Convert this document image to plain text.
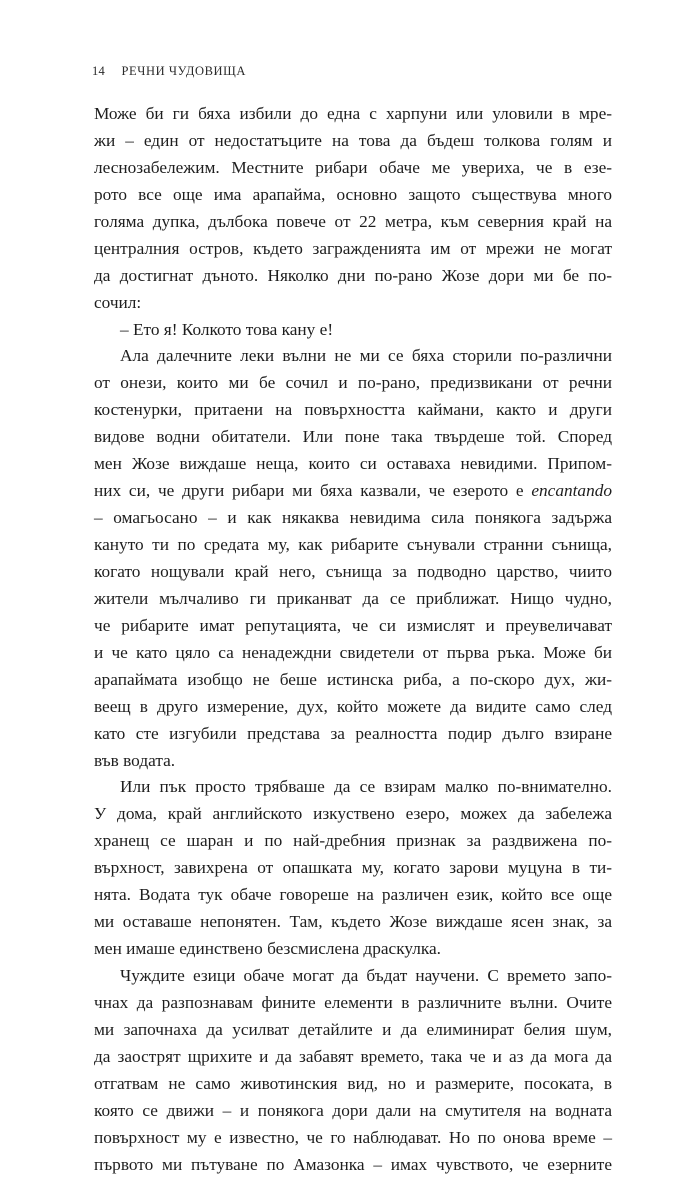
14 РЕЧНИ ЧУДОВИЩА
Може би ги бяха избили до една с харпуни или уловили в мре-
жи – един от недостатъците на това да бъдеш толкова голям и
леснозабележим. Местните рибари обаче ме увериха, че в езе-
рото все още има арапайма, основно защото съществува много
голяма дупка, дълбока повече от 22 метра, към северния край на
централния остров, където загражденията им от мрежи не могат
да достигнат дъното. Няколко дни по-рано Жозе дори ми бе по-
сочил:
– Ето я! Колкото това кану е!
Ала далечните леки вълни не ми се бяха сторили по-различни
от онези, които ми бе сочил и по-рано, предизвикани от речни
костенурки, притаени на повърхността каймани, както и други
видове водни обитатели. Или поне така твърдеше той. Според
мен Жозе виждаше неща, които си оставаха невидими. Припом-
них си, че други рибари ми бяха казвали, че езерото е encantando
– омагьосано – и как някаква невидима сила понякога задържа
кануто ти по средата му, как рибарите сънували странни сънища,
когато нощували край него, сънища за подводно царство, чиито
жители мълчаливо ги приканват да се приближат. Нищо чудно,
че рибарите имат репутацията, че си измислят и преувеличават
и че като цяло са ненадеждни свидетели от първа ръка. Може би
арапаймата изобщо не беше истинска риба, а по-скоро дух, жи-
веещ в друго измерение, дух, който можете да видите само след
като сте изгубили представа за реалността подир дълго взиране
във водата.
Или пък просто трябваше да се взирам малко по-внимателно.
У дома, край английското изкуствено езеро, можех да забележа
хранещ се шаран и по най-дребния признак за раздвижена по-
върхност, завихрена от опашката му, когато зарови муцуна в ти-
нята. Водата тук обаче говореше на различен език, който все още
ми оставаше непонятен. Там, където Жозе виждаше ясен знак, за
мен имаше единствено безсмислена драскулка.
Чуждите езици обаче могат да бъдат научени. С времето запо-
чнах да разпознавам фините елементи в различните вълни. Очите
ми започнаха да усилват детайлите и да елиминират белия шум,
да заострят щрихите и да забавят времето, така че и аз да мога да
отгатвам не само животинския вид, но и размерите, посоката, в
която се движи – и понякога дори дали на смутителя на водната
повърхност му е известно, че го наблюдават. Но по онова време –
първото ми пътуване по Амазонка – имах чувството, че езерните
